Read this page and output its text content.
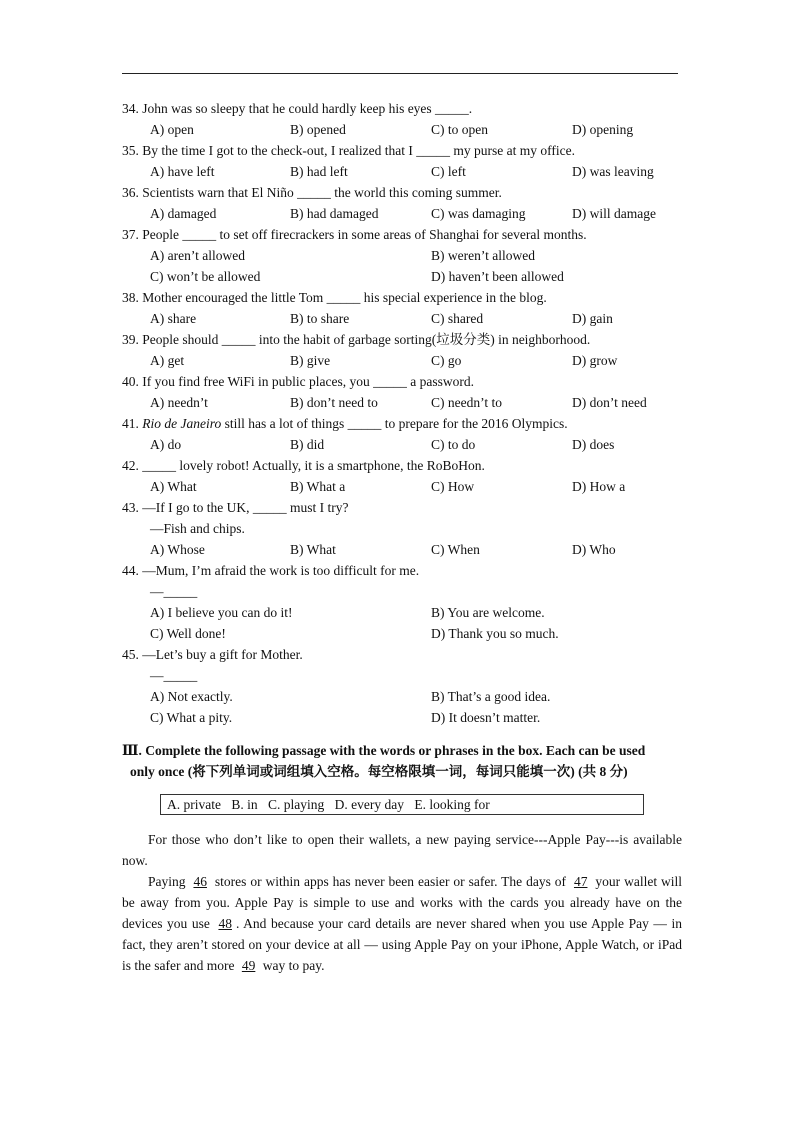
34. John was so sleepy that he could hardly keep his eyes _____.
A) open	B) opened	C) to open	D) opening
35. By the time I got to the check-out, I realized that I _____ my purse at my office.
A) have left	B) had left	C) left	D) was leaving
36. Scientists warn that El Niño _____ the world this coming summer.
A) damaged	B) had damaged	C) was damaging	D) will damage
37. People _____ to set off firecrackers in some areas of Shanghai for several months.
A) aren’t allowed	B) weren’t allowed
C) won’t be allowed	D) haven’t been allowed
38. Mother encouraged the little Tom _____ his special experience in the blog.
A) share	B) to share	C) shared	D) gain
39. People should _____ into the habit of garbage sorting(垃圾分类) in neighborhood.
A) get	B) give	C) go	D) grow
40. If you find free WiFi in public places, you _____ a password.
A) needn’t	B) don’t need to	C) needn’t to	D) don’t need
41. Rio de Janeiro still has a lot of things _____ to prepare for the 2016 Olympics.
A) do	B) did	C) to do	D) does
42. _____ lovely robot! Actually, it is a smartphone, the RoBoHon.
A) What	B) What a	C) How	D) How a
43. —If I go to the UK, _____ must I try?
—Fish and chips.
A) Whose	B) What	C) When	D) Who
44. —Mum, I’m afraid the work is too difficult for me.
—_____
A) I believe you can do it!	B) You are welcome.
C) Well done!	D) Thank you so much.
45. —Let’s buy a gift for Mother.
—_____
A) Not exactly.	B) That’s a good idea.
C) What a pity.	D) It doesn’t matter.
Ⅲ. Complete the following passage with the words or phrases in the box. Each can be used
only once (将下列单词或词组填入空格。每空格限填一词，每词只能填一次) (共 8 分)
A. private B. in C. playing D. every day E. looking for

For those who don’t like to open their wallets, a new paying service---Apple Pay---is available now.

Paying 46 stores or within apps has never been easier or safer. The days of 47 your wallet will be away from you. Apple Pay is simple to use and works with the cards you already have on the devices you use 48 . And because your card details are never shared when you use Apple Pay — in fact, they aren’t stored on your device at all — using Apple Pay on your iPhone, Apple Watch, or iPad is the safer and more 49 way to pay.
